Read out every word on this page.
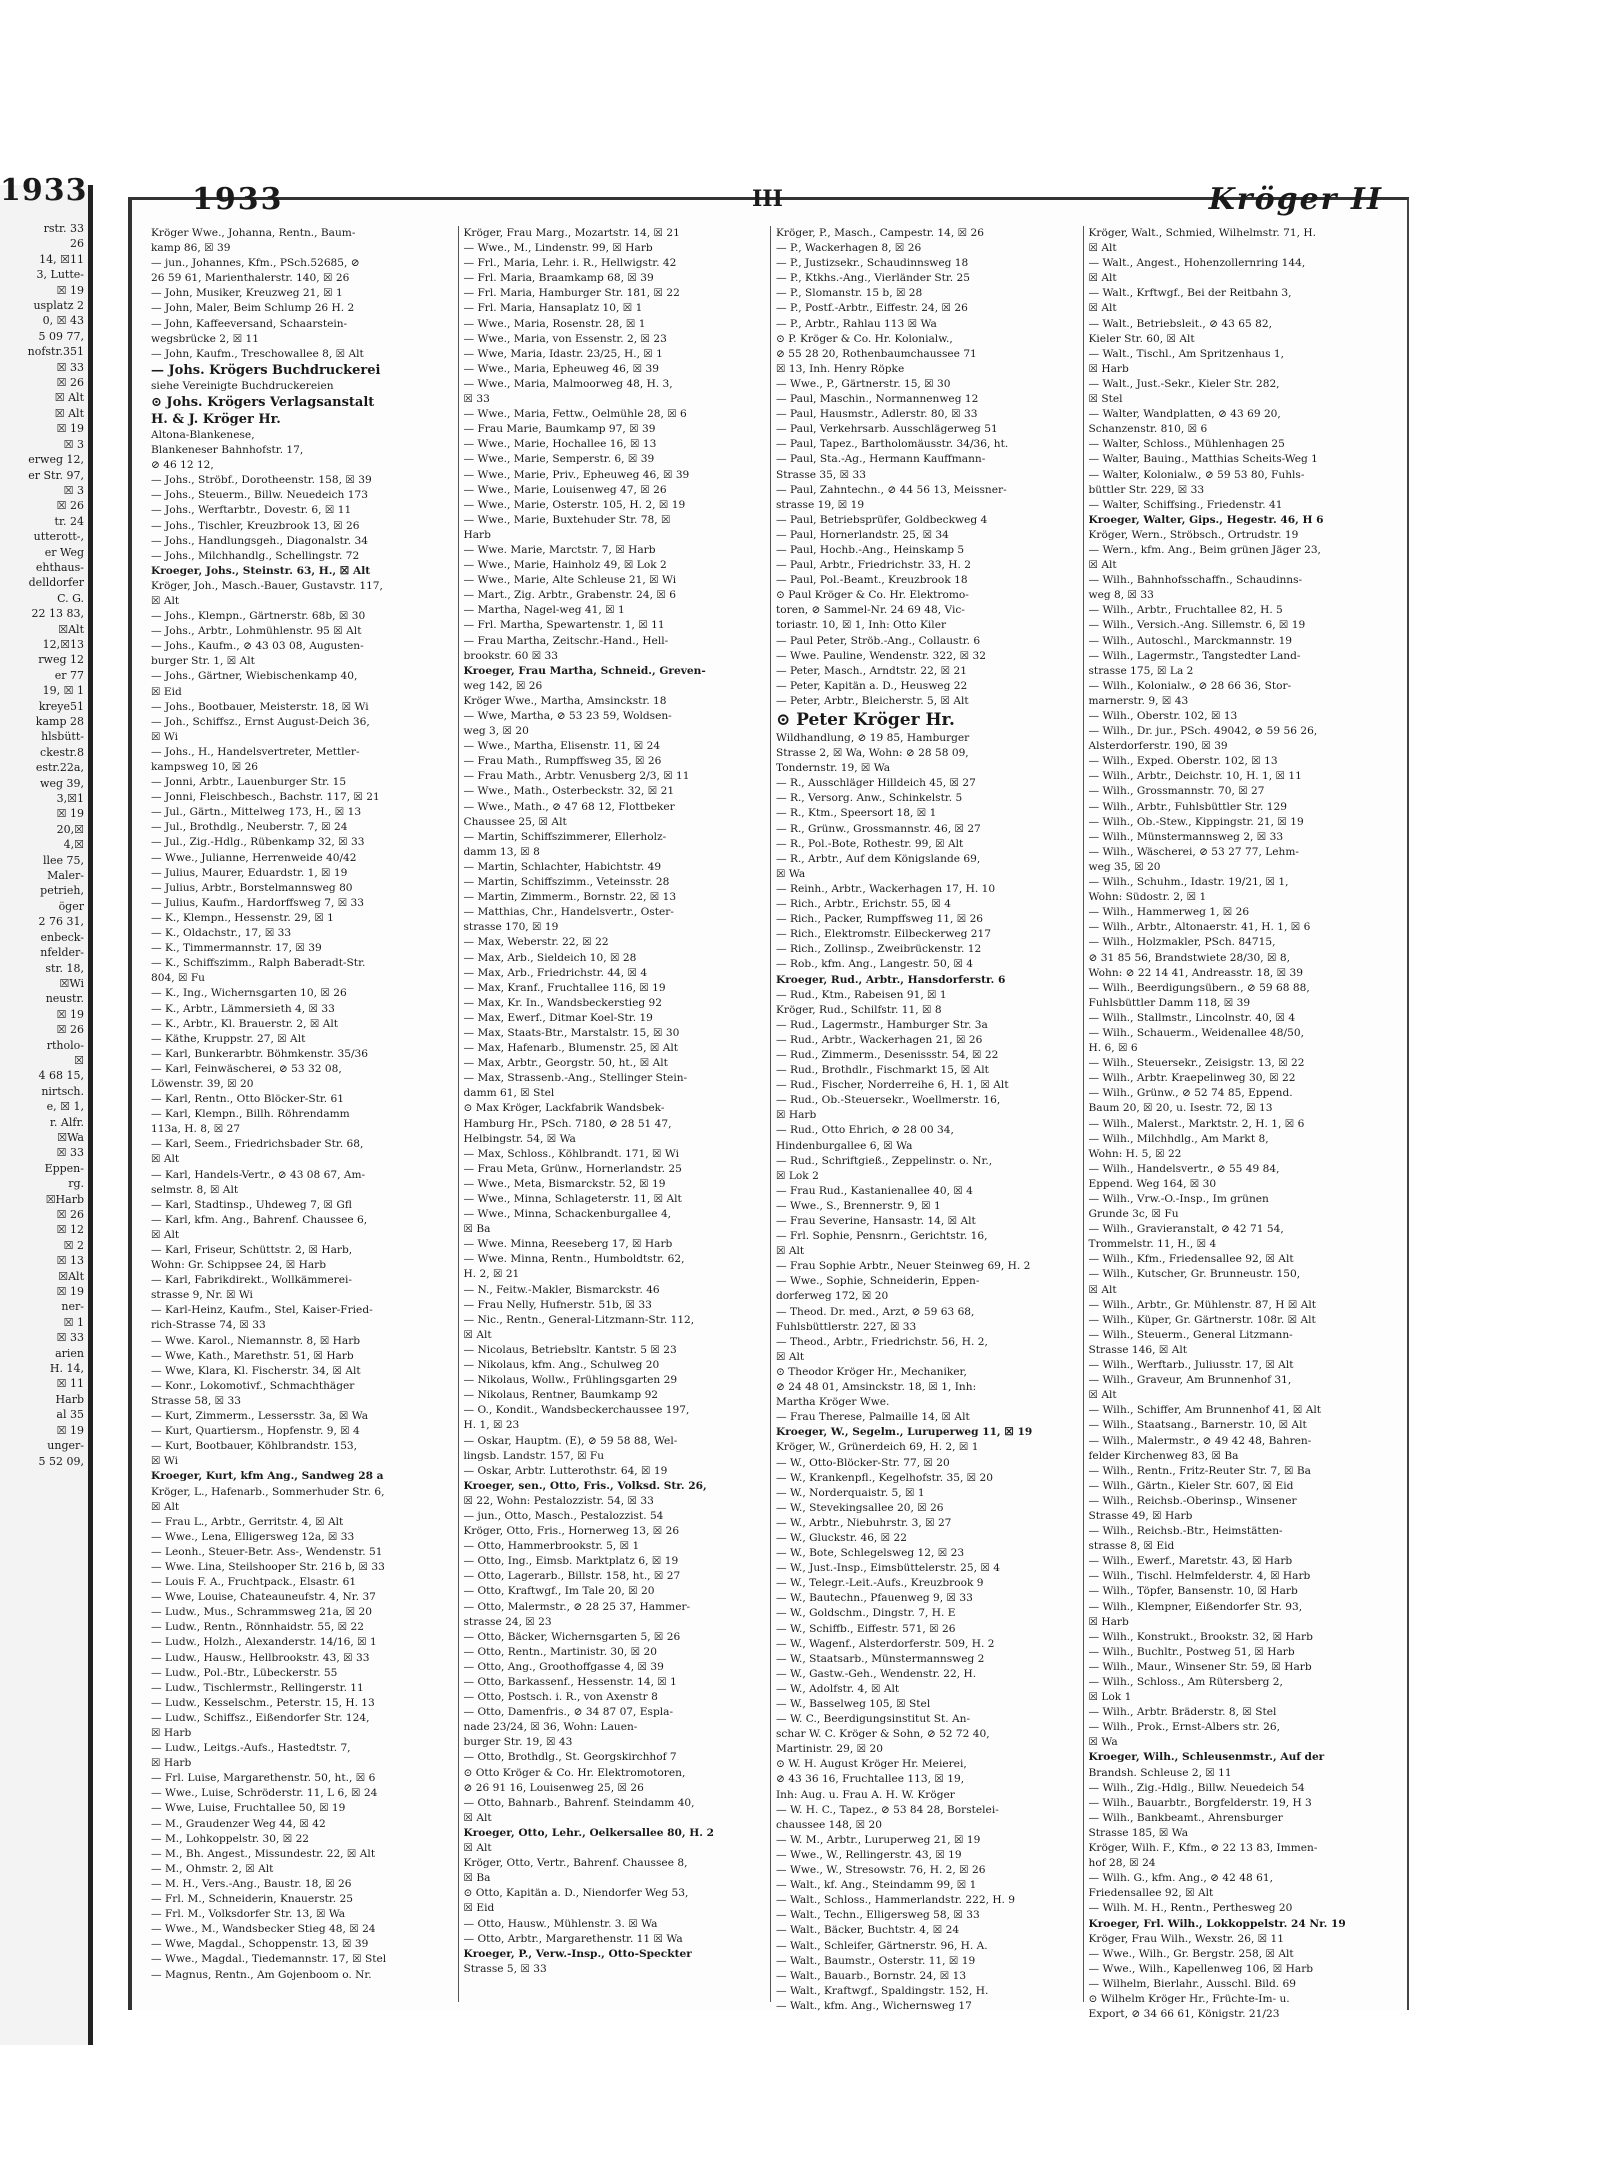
1933
rstr. 33
26
14, ☒11
3, Lutte-
☒ 19
usplatz 2
0, ☒ 43
5 09 77,
nofstr.351
☒ 33
☒ 26
☒ Alt
☒ Alt
☒ 19
☒ 3
erweg 12,
er Str. 97,
☒ 3
☒ 26
tr. 24
utterott-,
er Weg
ehthaus-
delldorfer
C. G.
22 13 83,
☒Alt
12,☒13
rweg 12
er 77
19, ☒ 1
kreye51
kamp 28
hlsbütt-
ckestr.8
estr.22a,
weg 39,
3,☒1
☒ 19
20,☒
4,☒
llee 75,
Maler-
petrieh,
öger
2 76 31,
enbeck-
nfelder-
str. 18,
☒Wi
neustr.
☒ 19
☒ 26
rtholo-
☒
4 68 15,
nirtsch.
e, ☒ 1,
r. Alfr.
☒Wa
☒ 33
Eppen-
rg.
☒Harb
☒ 26
☒ 12
☒ 2
☒ 13
☒Alt
☒ 19
ner-
☒ 1
☒ 33
arien
H. 14,
☒ 11
Harb
al 35
☒ 19
unger-
5 52 09,
1933	III	Kröger II
Kröger Wwe., Johanna, Rentn., Baum-
kamp 86, ☒ 39
— jun., Johannes, Kfm., PSch.52685, ⊘
26 59 61, Marienthalerstr. 140, ☒ 26
— John, Musiker, Kreuzweg 21, ☒ 1
— John, Maler, Beim Schlump 26 H. 2
— John, Kaffeeversand, Schaarstein-
wegsbrücke 2, ☒ 11
— John, Kaufm., Treschowallee 8, ☒ Alt
— Johs. Krögers Buchdruckerei
siehe Vereinigte Buchdruckereien
⊙ Johs. Krögers Verlagsanstalt
H. & J. Kröger Hr.
Altona-Blankenese,
Blankeneser Bahnhofstr. 17,
⊘ 46 12 12,
— Johs., Ströbf., Dorotheenstr. 158, ☒ 39
— Johs., Steuerm., Billw. Neuedeich 173
— Johs., Werftarbtr., Dovestr. 6, ☒ 11
— Johs., Tischler, Kreuzbrook 13, ☒ 26
— Johs., Handlungsgeh., Diagonalstr. 34
— Johs., Milchhandlg., Schellingstr. 72
Kroeger, Johs., Steinstr. 63, H., ☒ Alt
Kröger, Joh., Masch.-Bauer, Gustavstr. 117,
☒ Alt
— Johs., Klempn., Gärtnerstr. 68b, ☒ 30
— Johs., Arbtr., Lohmühlenstr. 95 ☒ Alt
— Johs., Kaufm., ⊘ 43 03 08, Augusten-
burger Str. 1, ☒ Alt
— Johs., Gärtner, Wiebischenkamp 40,
☒ Eid
— Johs., Bootbauer, Meisterstr. 18, ☒ Wi
— Joh., Schiffsz., Ernst August-Deich 36,
☒ Wi
— Johs., H., Handelsvertreter, Mettler-
kampsweg 10, ☒ 26
— Jonni, Arbtr., Lauenburger Str. 15
— Jonni, Fleischbesch., Bachstr. 117, ☒ 21
— Jul., Gärtn., Mittelweg 173, H., ☒ 13
— Jul., Brothdlg., Neuberstr. 7, ☒ 24
— Jul., Zig.-Hdlg., Rübenkamp 32, ☒ 33
— Wwe., Julianne, Herrenweide 40/42
— Julius, Maurer, Eduardstr. 1, ☒ 19
— Julius, Arbtr., Borstelmannsweg 80
— Julius, Kaufm., Hardorffsweg 7, ☒ 33
— K., Klempn., Hessenstr. 29, ☒ 1
— K., Oldachstr., 17, ☒ 33
— K., Timmermannstr. 17, ☒ 39
— K., Schiffszimm., Ralph Baberadt-Str.
804, ☒ Fu
— K., Ing., Wichernsgarten 10, ☒ 26
— K., Arbtr., Lämmersieth 4, ☒ 33
— K., Arbtr., Kl. Brauerstr. 2, ☒ Alt
— Käthe, Kruppstr. 27, ☒ Alt
— Karl, Bunkerarbtr. Böhmkenstr. 35/36
— Karl, Feinwäscherei, ⊘ 53 32 08,
Löwenstr. 39, ☒ 20
— Karl, Rentn., Otto Blöcker-Str. 61
— Karl, Klempn., Billh. Röhrendamm
113a, H. 8, ☒ 27
— Karl, Seem., Friedrichsbader Str. 68,
☒ Alt
— Karl, Handels-Vertr., ⊘ 43 08 67, Am-
selmstr. 8, ☒ Alt
— Karl, Stadtinsp., Uhdeweg 7, ☒ Gfl
— Karl, kfm. Ang., Bahrenf. Chaussee 6,
☒ Alt
— Karl, Friseur, Schüttstr. 2, ☒ Harb,
Wohn: Gr. Schippsee 24, ☒ Harb
— Karl, Fabrikdirekt., Wollkämmerei-
strasse 9, Nr. ☒ Wi
— Karl-Heinz, Kaufm., Stel, Kaiser-Fried-
rich-Strasse 74, ☒ 33
— Wwe. Karol., Niemannstr. 8, ☒ Harb
— Wwe, Kath., Marethstr. 51, ☒ Harb
— Wwe, Klara, Kl. Fischerstr. 34, ☒ Alt
— Konr., Lokomotivf., Schmachthäger
Strasse 58, ☒ 33
— Kurt, Zimmerm., Lessersstr. 3a, ☒ Wa
— Kurt, Quartiersm., Hopfenstr. 9, ☒ 4
— Kurt, Bootbauer, Köhlbrandstr. 153,
☒ Wi
Kroeger, Kurt, kfm Ang., Sandweg 28 a
Kröger, L., Hafenarb., Sommerhuder Str. 6,
☒ Alt
— Frau L., Arbtr., Gerritstr. 4, ☒ Alt
— Wwe., Lena, Elligersweg 12a, ☒ 33
— Leonh., Steuer-Betr. Ass-, Wendenstr. 51
— Wwe. Lina, Steilshooper Str. 216 b, ☒ 33
— Louis F. A., Fruchtpack., Elsastr. 61
— Wwe, Louise, Chateauneufstr. 4, Nr. 37
— Ludw., Mus., Schrammsweg 21a, ☒ 20
— Ludw., Rentn., Rönnhaidstr. 55, ☒ 22
— Ludw., Holzh., Alexanderstr. 14/16, ☒ 1
— Ludw., Hausw., Hellbrookstr. 43, ☒ 33
— Ludw., Pol.-Btr., Lübeckerstr. 55
— Ludw., Tischlermstr., Rellingerstr. 11
— Ludw., Kesselschm., Peterstr. 15, H. 13
— Ludw., Schiffsz., Eißendorfer Str. 124,
☒ Harb
— Ludw., Leitgs.-Aufs., Hastedtstr. 7,
☒ Harb
— Frl. Luise, Margarethenstr. 50, ht., ☒ 6
— Wwe., Luise, Schröderstr. 11, L 6, ☒ 24
— Wwe, Luise, Fruchtallee 50, ☒ 19
— M., Graudenzer Weg 44, ☒ 42
— M., Lohkoppelstr. 30, ☒ 22
— M., Bh. Angest., Missundestr. 22, ☒ Alt
— M., Ohmstr. 2, ☒ Alt
— M. H., Vers.-Ang., Baustr. 18, ☒ 26
— Frl. M., Schneiderin, Knauerstr. 25
— Frl. M., Volksdorfer Str. 13, ☒ Wa
— Wwe., M., Wandsbecker Stieg 48, ☒ 24
— Wwe, Magdal., Schoppenstr. 13, ☒ 39
— Wwe., Magdal., Tiedemannstr. 17, ☒ Stel
— Magnus, Rentn., Am Gojenboom o. Nr.
Kröger, Frau Marg., Mozartstr. 14, ☒ 21
— Wwe., M., Lindenstr. 99, ☒ Harb
— Frl., Maria, Lehr. i. R., Hellwigstr. 42
— Frl. Maria, Braamkamp 68, ☒ 39
— Frl. Maria, Hamburger Str. 181, ☒ 22
— Frl. Maria, Hansaplatz 10, ☒ 1
— Wwe., Maria, Rosenstr. 28, ☒ 1
— Wwe., Maria, von Essenstr. 2, ☒ 23
— Wwe, Maria, Idastr. 23/25, H., ☒ 1
— Wwe., Maria, Epheuweg 46, ☒ 39
— Wwe., Maria, Malmoorweg 48, H. 3,
☒ 33
— Wwe., Maria, Fettw., Oelmühle 28, ☒ 6
— Frau Marie, Baumkamp 97, ☒ 39
— Wwe., Marie, Hochallee 16, ☒ 13
— Wwe., Marie, Semperstr. 6, ☒ 39
— Wwe., Marie, Priv., Epheuweg 46, ☒ 39
— Wwe., Marie, Louisenweg 47, ☒ 26
— Wwe., Marie, Osterstr. 105, H. 2, ☒ 19
— Wwe., Marie, Buxtehuder Str. 78, ☒
Harb
— Wwe. Marie, Marctstr. 7, ☒ Harb
— Wwe., Marie, Hainholz 49, ☒ Lok 2
— Wwe., Marie, Alte Schleuse 21, ☒ Wi
— Mart., Zig. Arbtr., Grabenstr. 24, ☒ 6
— Martha, Nagel-weg 41, ☒ 1
— Frl. Martha, Spewartenstr. 1, ☒ 11
— Frau Martha, Zeitschr.-Hand., Hell-
brookstr. 60 ☒ 33
Kroeger, Frau Martha, Schneid., Greven-
weg 142, ☒ 26
Kröger Wwe., Martha, Amsinckstr. 18
— Wwe, Martha, ⊘ 53 23 59, Woldsen-
weg 3, ☒ 20
— Wwe., Martha, Elisenstr. 11, ☒ 24
— Frau Math., Rumpffsweg 35, ☒ 26
— Frau Math., Arbtr. Venusberg 2/3, ☒ 11
— Wwe., Math., Osterbeckstr. 32, ☒ 21
— Wwe., Math., ⊘ 47 68 12, Flottbeker
Chaussee 25, ☒ Alt
— Martin, Schiffszimmerer, Ellerholz-
damm 13, ☒ 8
— Martin, Schlachter, Habichtstr. 49
— Martin, Schiffszimm., Veteinsstr. 28
— Martin, Zimmerm., Bornstr. 22, ☒ 13
— Matthias, Chr., Handelsvertr., Oster-
strasse 170, ☒ 19
— Max, Weberstr. 22, ☒ 22
— Max, Arb., Sieldeich 10, ☒ 28
— Max, Arb., Friedrichstr. 44, ☒ 4
— Max, Kranf., Fruchtallee 116, ☒ 19
— Max, Kr. In., Wandsbeckerstieg 92
— Max, Ewerf., Ditmar Koel-Str. 19
— Max, Staats-Btr., Marstalstr. 15, ☒ 30
— Max, Hafenarb., Blumenstr. 25, ☒ Alt
— Max, Arbtr., Georgstr. 50, ht., ☒ Alt
— Max, Strassenb.-Ang., Stellinger Stein-
damm 61, ☒ Stel
⊙ Max Kröger, Lackfabrik Wandsbek-
Hamburg Hr., PSch. 7180, ⊘ 28 51 47,
Helbingstr. 54, ☒ Wa
— Max, Schloss., Köhlbrandt. 171, ☒ Wi
— Frau Meta, Grünw., Hornerlandstr. 25
— Wwe., Meta, Bismarckstr. 52, ☒ 19
— Wwe., Minna, Schlageterstr. 11, ☒ Alt
— Wwe., Minna, Schackenburgallee 4,
☒ Ba
— Wwe. Minna, Reeseberg 17, ☒ Harb
— Wwe. Minna, Rentn., Humboldtstr. 62,
H. 2, ☒ 21
— N., Feitw.-Makler, Bismarckstr. 46
— Frau Nelly, Hufnerstr. 51b, ☒ 33
— Nic., Rentn., General-Litzmann-Str. 112,
☒ Alt
— Nicolaus, Betriebsltr. Kantstr. 5 ☒ 23
— Nikolaus, kfm. Ang., Schulweg 20
— Nikolaus, Wollw., Frühlingsgarten 29
— Nikolaus, Rentner, Baumkamp 92
— O., Kondit., Wandsbeckerchaussee 197,
H. 1, ☒ 23
— Oskar, Hauptm. (E), ⊘ 59 58 88, Wel-
lingsb. Landstr. 157, ☒ Fu
— Oskar, Arbtr. Lutterothstr. 64, ☒ 19
Kroeger, sen., Otto, Fris., Volksd. Str. 26,
☒ 22, Wohn: Pestalozzistr. 54, ☒ 33
— jun., Otto, Masch., Pestalozzist. 54
Kröger, Otto, Fris., Hornerweg 13, ☒ 26
— Otto, Hammerbrookstr. 5, ☒ 1
— Otto, Ing., Eimsb. Marktplatz 6, ☒ 19
— Otto, Lagerarb., Billstr. 158, ht., ☒ 27
— Otto, Kraftwgf., Im Tale 20, ☒ 20
— Otto, Malermstr., ⊘ 28 25 37, Hammer-
strasse 24, ☒ 23
— Otto, Bäcker, Wichernsgarten 5, ☒ 26
— Otto, Rentn., Martinistr. 30, ☒ 20
— Otto, Ang., Groothoffgasse 4, ☒ 39
— Otto, Barkassenf., Hessenstr. 14, ☒ 1
— Otto, Postsch. i. R., von Axenstr 8
— Otto, Damenfris., ⊘ 34 87 07, Esplа-
nade 23/24, ☒ 36, Wohn: Lauen-
burger Str. 19, ☒ 43
— Otto, Brothdlg., St. Georgskirchhof 7
⊙ Otto Kröger & Co. Hr. Elektromotoren,
⊘ 26 91 16, Louisenweg 25, ☒ 26
— Otto, Bahnarb., Bahrenf. Steindamm 40,
☒ Alt
Kroeger, Otto, Lehr., Oelkersallee 80, H. 2
☒ Alt
Kröger, Otto, Vertr., Bahrenf. Chaussee 8,
☒ Ba
⊙ Otto, Kapitän a. D., Niendorfer Weg 53,
☒ Eid
— Otto, Hausw., Mühlenstr. 3. ☒ Wa
— Otto, Arbtr., Margarethenstr. 11 ☒ Wa
Kroeger, P., Verw.-Insp., Otto-Speckter
Strasse 5, ☒ 33
Kröger, P., Masch., Campestr. 14, ☒ 26
— P., Wackerhagen 8, ☒ 26
— P., Justizsekr., Schaudinnsweg 18
— P., Ktkhs.-Ang., Vierländer Str. 25
— P., Slomanstr. 15 b, ☒ 28
— P., Postf.-Arbtr., Eiffestr. 24, ☒ 26
— P., Arbtr., Rahlau 113 ☒ Wa
⊙ P. Kröger & Co. Hr. Kolonialw.,
⊘ 55 28 20, Rothenbaumchaussee 71
☒ 13, Inh. Henry Röpke
— Wwe., P., Gärtnerstr. 15, ☒ 30
— Paul, Maschin., Normannenweg 12
— Paul, Hausmstr., Adlerstr. 80, ☒ 33
— Paul, Verkehrsarb. Ausschlägerweg 51
— Paul, Tapez., Bartholomäusstr. 34/36, ht.
— Paul, Sta.-Ag., Hermann Kauffmann-
Strasse 35, ☒ 33
— Paul, Zahntechn., ⊘ 44 56 13, Meissner-
strasse 19, ☒ 19
— Paul, Betriebsprüfer, Goldbeckweg 4
— Paul, Hornerlandstr. 25, ☒ 34
— Paul, Hochb.-Ang., Heinskamp 5
— Paul, Arbtr., Friedrichstr. 33, H. 2
— Paul, Pol.-Beamt., Kreuzbrook 18
⊙ Paul Kröger & Co. Hr. Elektromo-
toren, ⊘ Sammel-Nr. 24 69 48, Vic-
toriastr. 10, ☒ 1, Inh: Otto Kiler
— Paul Peter, Ströb.-Ang., Collaustr. 6
— Wwe. Pauline, Wendenstr. 322, ☒ 32
— Peter, Masch., Arndtstr. 22, ☒ 21
— Peter, Kapitän a. D., Heusweg 22
— Peter, Arbtr., Bleicherstr. 5, ☒ Alt
⊙ Peter Kröger Hr.
Wildhandlung, ⊘ 19 85, Hamburger
Strasse 2, ☒ Wa, Wohn: ⊘ 28 58 09,
Tondernstr. 19, ☒ Wa
— R., Ausschläger Hilldeich 45, ☒ 27
— R., Versorg. Anw., Schinkelstr. 5
— R., Ktm., Speersort 18, ☒ 1
— R., Grünw., Grossmannstr. 46, ☒ 27
— R., Pol.-Bote, Rothestr. 99, ☒ Alt
— R., Arbtr., Auf dem Königslande 69,
☒ Wa
— Reinh., Arbtr., Wackerhagen 17, H. 10
— Rich., Arbtr., Erichstr. 55, ☒ 4
— Rich., Packer, Rumpffsweg 11, ☒ 26
— Rich., Elektromstr. Eilbeckerweg 217
— Rich., Zollinsp., Zweibrückenstr. 12
— Rob., kfm. Ang., Langestr. 50, ☒ 4
Kroeger, Rud., Arbtr., Hansdorferstr. 6
— Rud., Ktm., Rabeisen 91, ☒ 1
Kröger, Rud., Schilfstr. 11, ☒ 8
— Rud., Lagermstr., Hamburger Str. 3a
— Rud., Arbtr., Wackerhagen 21, ☒ 26
— Rud., Zimmerm., Desenissstr. 54, ☒ 22
— Rud., Brothdlr., Fischmarkt 15, ☒ Alt
— Rud., Fischer, Norderreihe 6, H. 1, ☒ Alt
— Rud., Ob.-Steuersekr., Woellmerstr. 16,
☒ Harb
— Rud., Otto Ehrich, ⊘ 28 00 34,
Hindenburgallee 6, ☒ Wa
— Rud., Schriftgieß., Zeppelinstr. o. Nr.,
☒ Lok 2
— Frau Rud., Kastanienallee 40, ☒ 4
— Wwe., S., Brennerstr. 9, ☒ 1
— Frau Severine, Hansastr. 14, ☒ Alt
— Frl. Sophie, Pensnrn., Gerichtstr. 16,
☒ Alt
— Frau Sophie Arbtr., Neuer Steinweg 69, H. 2
— Wwe., Sophie, Schneiderin, Eppen-
dorferweg 172, ☒ 20
— Theod. Dr. med., Arzt, ⊘ 59 63 68,
Fuhlsbüttlerstr. 227, ☒ 33
— Theod., Arbtr., Friedrichstr. 56, H. 2,
☒ Alt
⊙ Theodor Kröger Hr., Mechaniker,
⊘ 24 48 01, Amsinckstr. 18, ☒ 1, Inh:
Martha Kröger Wwe.
— Frau Therese, Palmaille 14, ☒ Alt
Kroeger, W., Segelm., Luruperweg 11, ☒ 19
Kröger, W., Grünerdeich 69, H. 2, ☒ 1
— W., Otto-Blöcker-Str. 77, ☒ 20
— W., Krankenpfl., Kegelhofstr. 35, ☒ 20
— W., Norderquaistr. 5, ☒ 1
— W., Stevekingsallee 20, ☒ 26
— W., Arbtr., Niebuhrstr. 3, ☒ 27
— W., Gluckstr. 46, ☒ 22
— W., Bote, Schlegelsweg 12, ☒ 23
— W., Just.-Insp., Eimsbüttelerstr. 25, ☒ 4
— W., Telegr.-Leit.-Aufs., Kreuzbrook 9
— W., Bautechn., Pfauenweg 9, ☒ 33
— W., Goldschm., Dingstr. 7, H. E
— W., Schiffb., Eiffestr. 571, ☒ 26
— W., Wagenf., Alsterdorferstr. 509, H. 2
— W., Staatsarb., Münstermannsweg 2
— W., Gastw.-Geh., Wendenstr. 22, H.
— W., Adolfstr. 4, ☒ Alt
— W., Basselweg 105, ☒ Stel
— W. C., Beerdigungsinstitut St. An-
schar W. C. Kröger & Sohn, ⊘ 52 72 40,
Martinistr. 29, ☒ 20
⊙ W. H. August Kröger Hr. Meierei,
⊘ 43 36 16, Fruchtallee 113, ☒ 19,
Inh: Aug. u. Frau A. H. W. Kröger
— W. H. C., Tapez., ⊘ 53 84 28, Borstelei-
chaussee 148, ☒ 20
— W. M., Arbtr., Luruperweg 21, ☒ 19
— Wwe., W., Rellingerstr. 43, ☒ 19
— Wwe., W., Stresowstr. 76, H. 2, ☒ 26
— Walt., kf. Ang., Steindamm 99, ☒ 1
— Walt., Schloss., Hammerlandstr. 222, H. 9
— Walt., Techn., Elligersweg 58, ☒ 33
— Walt., Bäcker, Buchtstr. 4, ☒ 24
— Walt., Schleifer, Gärtnerstr. 96, H. A.
— Walt., Baumstr., Osterstr. 11, ☒ 19
— Walt., Bauarb., Bornstr. 24, ☒ 13
— Walt., Kraftwgf., Spaldingstr. 152, H.
— Walt., kfm. Ang., Wichernsweg 17
Kröger, Walt., Schmied, Wilhelmstr. 71, H.
☒ Alt
— Walt., Angest., Hohenzollernring 144,
☒ Alt
— Walt., Krftwgf., Bei der Reitbahn 3,
☒ Alt
— Walt., Betriebsleit., ⊘ 43 65 82,
Kieler Str. 60, ☒ Alt
— Walt., Tischl., Am Spritzenhaus 1,
☒ Harb
— Walt., Just.-Sekr., Kieler Str. 282,
☒ Stel
— Walter, Wandplatten, ⊘ 43 69 20,
Schanzenstr. 810, ☒ 6
— Walter, Schloss., Mühlenhagen 25
— Walter, Bauing., Matthias Scheits-Weg 1
— Walter, Kolonialw., ⊘ 59 53 80, Fuhls-
büttler Str. 229, ☒ 33
— Walter, Schiffsing., Friedenstr. 41
Kroeger, Walter, Gips., Hegestr. 46, H 6
Kröger, Wern., Ströbsch., Ortrudstr. 19
— Wern., kfm. Ang., Beim grünen Jäger 23,
☒ Alt
— Wilh., Bahnhofsschaffn., Schaudinns-
weg 8, ☒ 33
— Wilh., Arbtr., Fruchtallee 82, H. 5
— Wilh., Versich.-Ang. Sillemstr. 6, ☒ 19
— Wilh., Autoschl., Marckmannstr. 19
— Wilh., Lagermstr., Tangstedter Land-
strasse 175, ☒ La 2
— Wilh., Kolonialw., ⊘ 28 66 36, Stor-
marnerstr. 9, ☒ 43
— Wilh., Oberstr. 102, ☒ 13
— Wilh., Dr. jur., PSch. 49042, ⊘ 59 56 26,
Alsterdorferstr. 190, ☒ 39
— Wilh., Exped. Oberstr. 102, ☒ 13
— Wilh., Arbtr., Deichstr. 10, H. 1, ☒ 11
— Wilh., Grossmannstr. 70, ☒ 27
— Wilh., Arbtr., Fuhlsbüttler Str. 129
— Wilh., Ob.-Stew., Kippingstr. 21, ☒ 19
— Wilh., Münstermannsweg 2, ☒ 33
— Wilh., Wäscherei, ⊘ 53 27 77, Lehm-
weg 35, ☒ 20
— Wilh., Schuhm., Idastr. 19/21, ☒ 1,
Wohn: Südostr. 2, ☒ 1
— Wilh., Hammerweg 1, ☒ 26
— Wilh., Arbtr., Altonaerstr. 41, H. 1, ☒ 6
— Wilh., Holzmakler, PSch. 84715,
⊘ 31 85 56, Brandstwiete 28/30, ☒ 8,
Wohn: ⊘ 22 14 41, Andreasstr. 18, ☒ 39
— Wilh., Beerdigungsübern., ⊘ 59 68 88,
Fuhlsbüttler Damm 118, ☒ 39
— Wilh., Stallmstr., Lincolnstr. 40, ☒ 4
— Wilh., Schauerm., Weidenallee 48/50,
H. 6, ☒ 6
— Wilh., Steuersekr., Zeisigstr. 13, ☒ 22
— Wilh., Arbtr. Kraepelinweg 30, ☒ 22
— Wilh., Grünw., ⊘ 52 74 85, Eppend.
Baum 20, ☒ 20, u. Isestr. 72, ☒ 13
— Wilh., Malerst., Marktstr. 2, H. 1, ☒ 6
— Wilh., Milchhdlg., Am Markt 8,
Wohn: H. 5, ☒ 22
— Wilh., Handelsvertr., ⊘ 55 49 84,
Eppend. Weg 164, ☒ 30
— Wilh., Vrw.-O.-Insp., Im grünen
Grunde 3c, ☒ Fu
— Wilh., Gravieranstalt, ⊘ 42 71 54,
Trommelstr. 11, H., ☒ 4
— Wilh., Kfm., Friedensallee 92, ☒ Alt
— Wilh., Kutscher, Gr. Brunneustr. 150,
☒ Alt
— Wilh., Arbtr., Gr. Mühlenstr. 87, H ☒ Alt
— Wilh., Küper, Gr. Gärtnerstr. 108r. ☒ Alt
— Wilh., Steuerm., General Litzmann-
Strasse 146, ☒ Alt
— Wilh., Werftarb., Juliusstr. 17, ☒ Alt
— Wilh., Graveur, Am Brunnenhof 31,
☒ Alt
— Wilh., Schiffer, Am Brunnenhof 41, ☒ Alt
— Wilh., Staatsang., Barnerstr. 10, ☒ Alt
— Wilh., Malermstr., ⊘ 49 42 48, Bahren-
felder Kirchenweg 83, ☒ Ba
— Wilh., Rentn., Fritz-Reuter Str. 7, ☒ Ba
— Wilh., Gärtn., Kieler Str. 607, ☒ Eid
— Wilh., Reichsb.-Oberinsp., Winsener
Strasse 49, ☒ Harb
— Wilh., Reichsb.-Btr., Heimstätten-
strasse 8, ☒ Eid
— Wilh., Ewerf., Maretstr. 43, ☒ Harb
— Wilh., Tischl. Helmfelderstr. 4, ☒ Harb
— Wilh., Töpfer, Bansenstr. 10, ☒ Harb
— Wilh., Klempner, Eißendorfer Str. 93,
☒ Harb
— Wilh., Konstrukt., Brookstr. 32, ☒ Harb
— Wilh., Buchltr., Postweg 51, ☒ Harb
— Wilh., Maur., Winsener Str. 59, ☒ Harb
— Wilh., Schloss., Am Rütersberg 2,
☒ Lok 1
— Wilh., Arbtr. Bräderstr. 8, ☒ Stel
— Wilh., Prok., Ernst-Albers str. 26,
☒ Wa
Kroeger, Wilh., Schleusenmstr., Auf der
Brandsh. Schleuse 2, ☒ 11
— Wilh., Zig.-Hdlg., Billw. Neuedeich 54
— Wilh., Bauarbtr., Borgfelderstr. 19, H 3
— Wilh., Bankbeamt., Ahrensburger
Strasse 185, ☒ Wa
Kröger, Wilh. F., Kfm., ⊘ 22 13 83, Immen-
hof 28, ☒ 24
— Wilh. G., kfm. Ang., ⊘ 42 48 61,
Friedensallee 92, ☒ Alt
— Wilh. M. H., Rentn., Perthesweg 20
Kroeger, Frl. Wilh., Lokkoppelstr. 24 Nr. 19
Kröger, Frau Wilh., Wexstr. 26, ☒ 11
— Wwe., Wilh., Gr. Bergstr. 258, ☒ Alt
— Wwe., Wilh., Kapellenweg 106, ☒ Harb
— Wilhelm, Bierlahr., Ausschl. Bild. 69
⊙ Wilhelm Kröger Hr., Früchte-Im- u.
Export, ⊘ 34 66 61, Königstr. 21/23
